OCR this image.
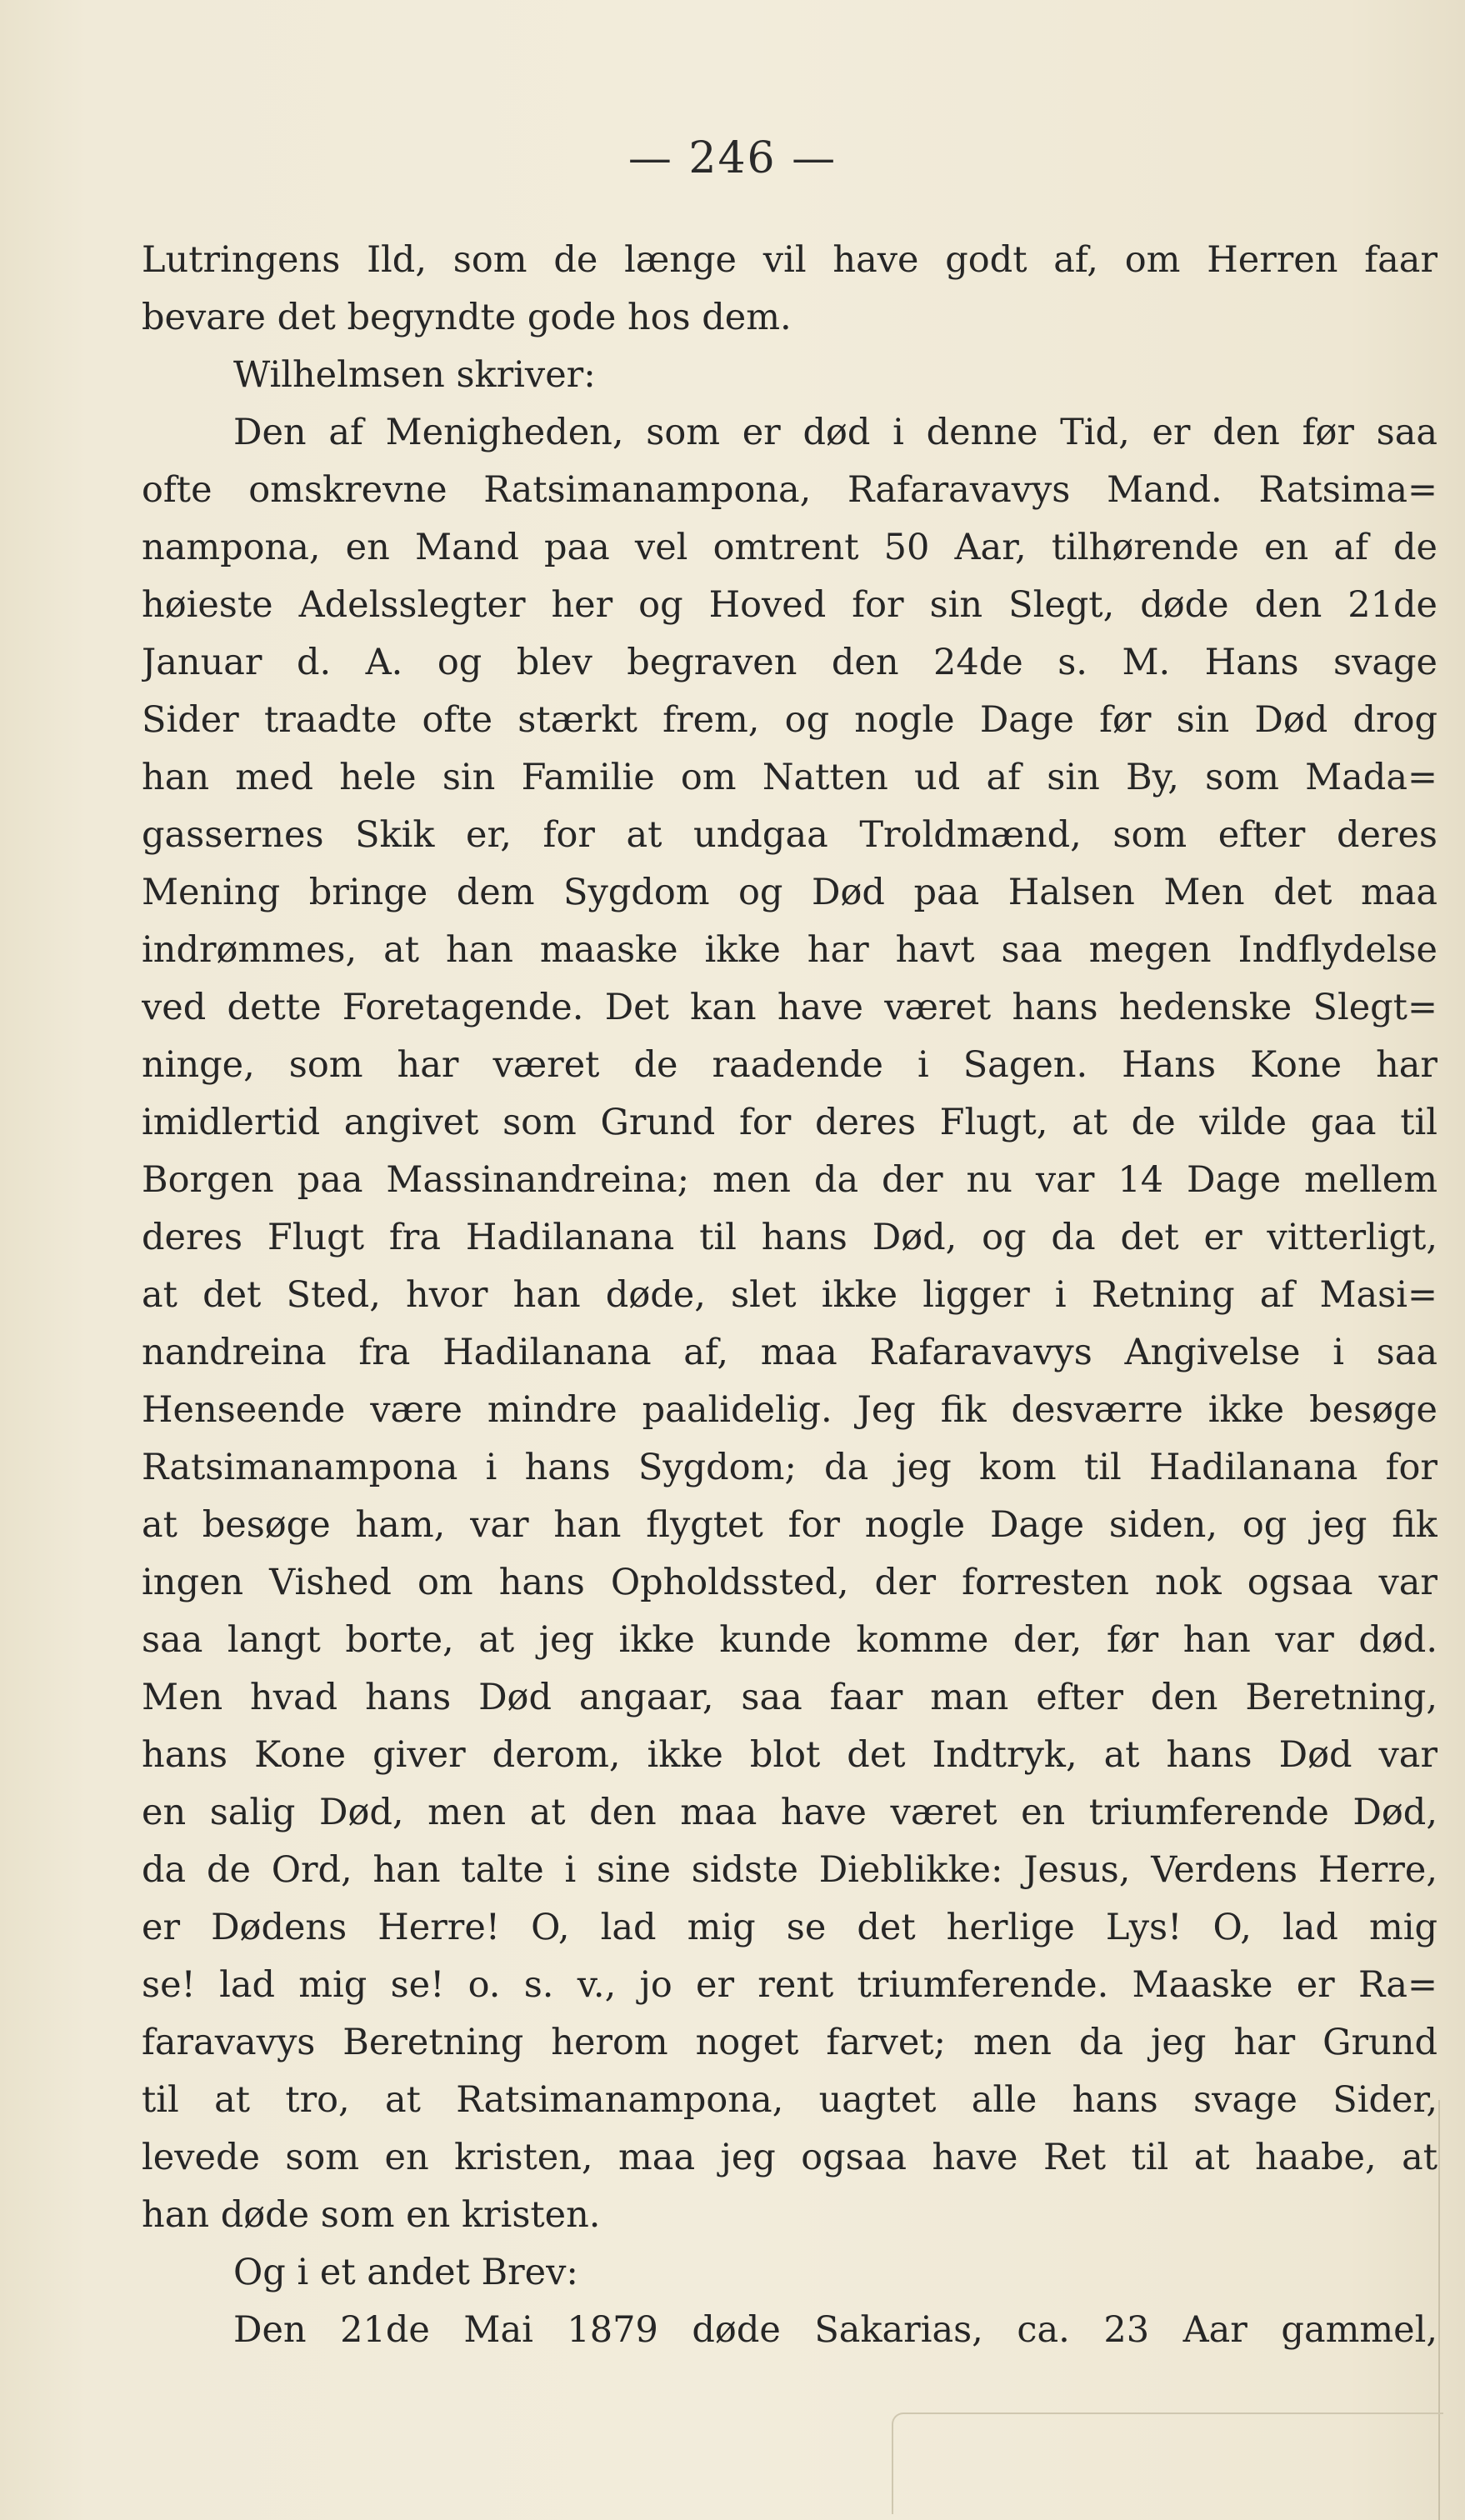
— 246 —
Lutringens Ild, som de længe vil have godt af, om Herren faar
bevare det begyndte gode hos dem.
Wilhelmsen skriver:
Den af Menigheden, som er død i denne Tid, er den før saa
ofte omskrevne Ratsimanampona, Rafaravavys Mand. Ratsima=
nampona, en Mand paa vel omtrent 50 Aar, tilhørende en af de
høieste Adelsslegter her og Hoved for sin Slegt, døde den 21de
Januar d. A. og blev begraven den 24de s. M. Hans svage
Sider traadte ofte stærkt frem, og nogle Dage før sin Død drog
han med hele sin Familie om Natten ud af sin By, som Mada=
gassernes Skik er, for at undgaa Troldmænd, som efter deres
Mening bringe dem Sygdom og Død paa Halsen Men det maa
indrømmes, at han maaske ikke har havt saa megen Indflydelse
ved dette Foretagende. Det kan have været hans hedenske Slegt=
ninge, som har været de raadende i Sagen. Hans Kone har
imidlertid angivet som Grund for deres Flugt, at de vilde gaa til
Borgen paa Massinandreina; men da der nu var 14 Dage mellem
deres Flugt fra Hadilanana til hans Død, og da det er vitterligt,
at det Sted, hvor han døde, slet ikke ligger i Retning af Masi=
nandreina fra Hadilanana af, maa Rafaravavys Angivelse i saa
Henseende være mindre paalidelig. Jeg fik desværre ikke besøge
Ratsimanampona i hans Sygdom; da jeg kom til Hadilanana for
at besøge ham, var han flygtet for nogle Dage siden, og jeg fik
ingen Vished om hans Opholdssted, der forresten nok ogsaa var
saa langt borte, at jeg ikke kunde komme der, før han var død.
Men hvad hans Død angaar, saa faar man efter den Beretning,
hans Kone giver derom, ikke blot det Indtryk, at hans Død var
en salig Død, men at den maa have været en triumferende Død,
da de Ord, han talte i sine sidste Dieblikke: Jesus, Verdens Herre,
er Dødens Herre! O, lad mig se det herlige Lys! O, lad mig
se! lad mig se! o. s. v., jo er rent triumferende. Maaske er Ra=
faravavys Beretning herom noget farvet; men da jeg har Grund
til at tro, at Ratsimanampona, uagtet alle hans svage Sider,
levede som en kristen, maa jeg ogsaa have Ret til at haabe, at
han døde som en kristen.
Og i et andet Brev:
Den 21de Mai 1879 døde Sakarias, ca. 23 Aar gammel,
